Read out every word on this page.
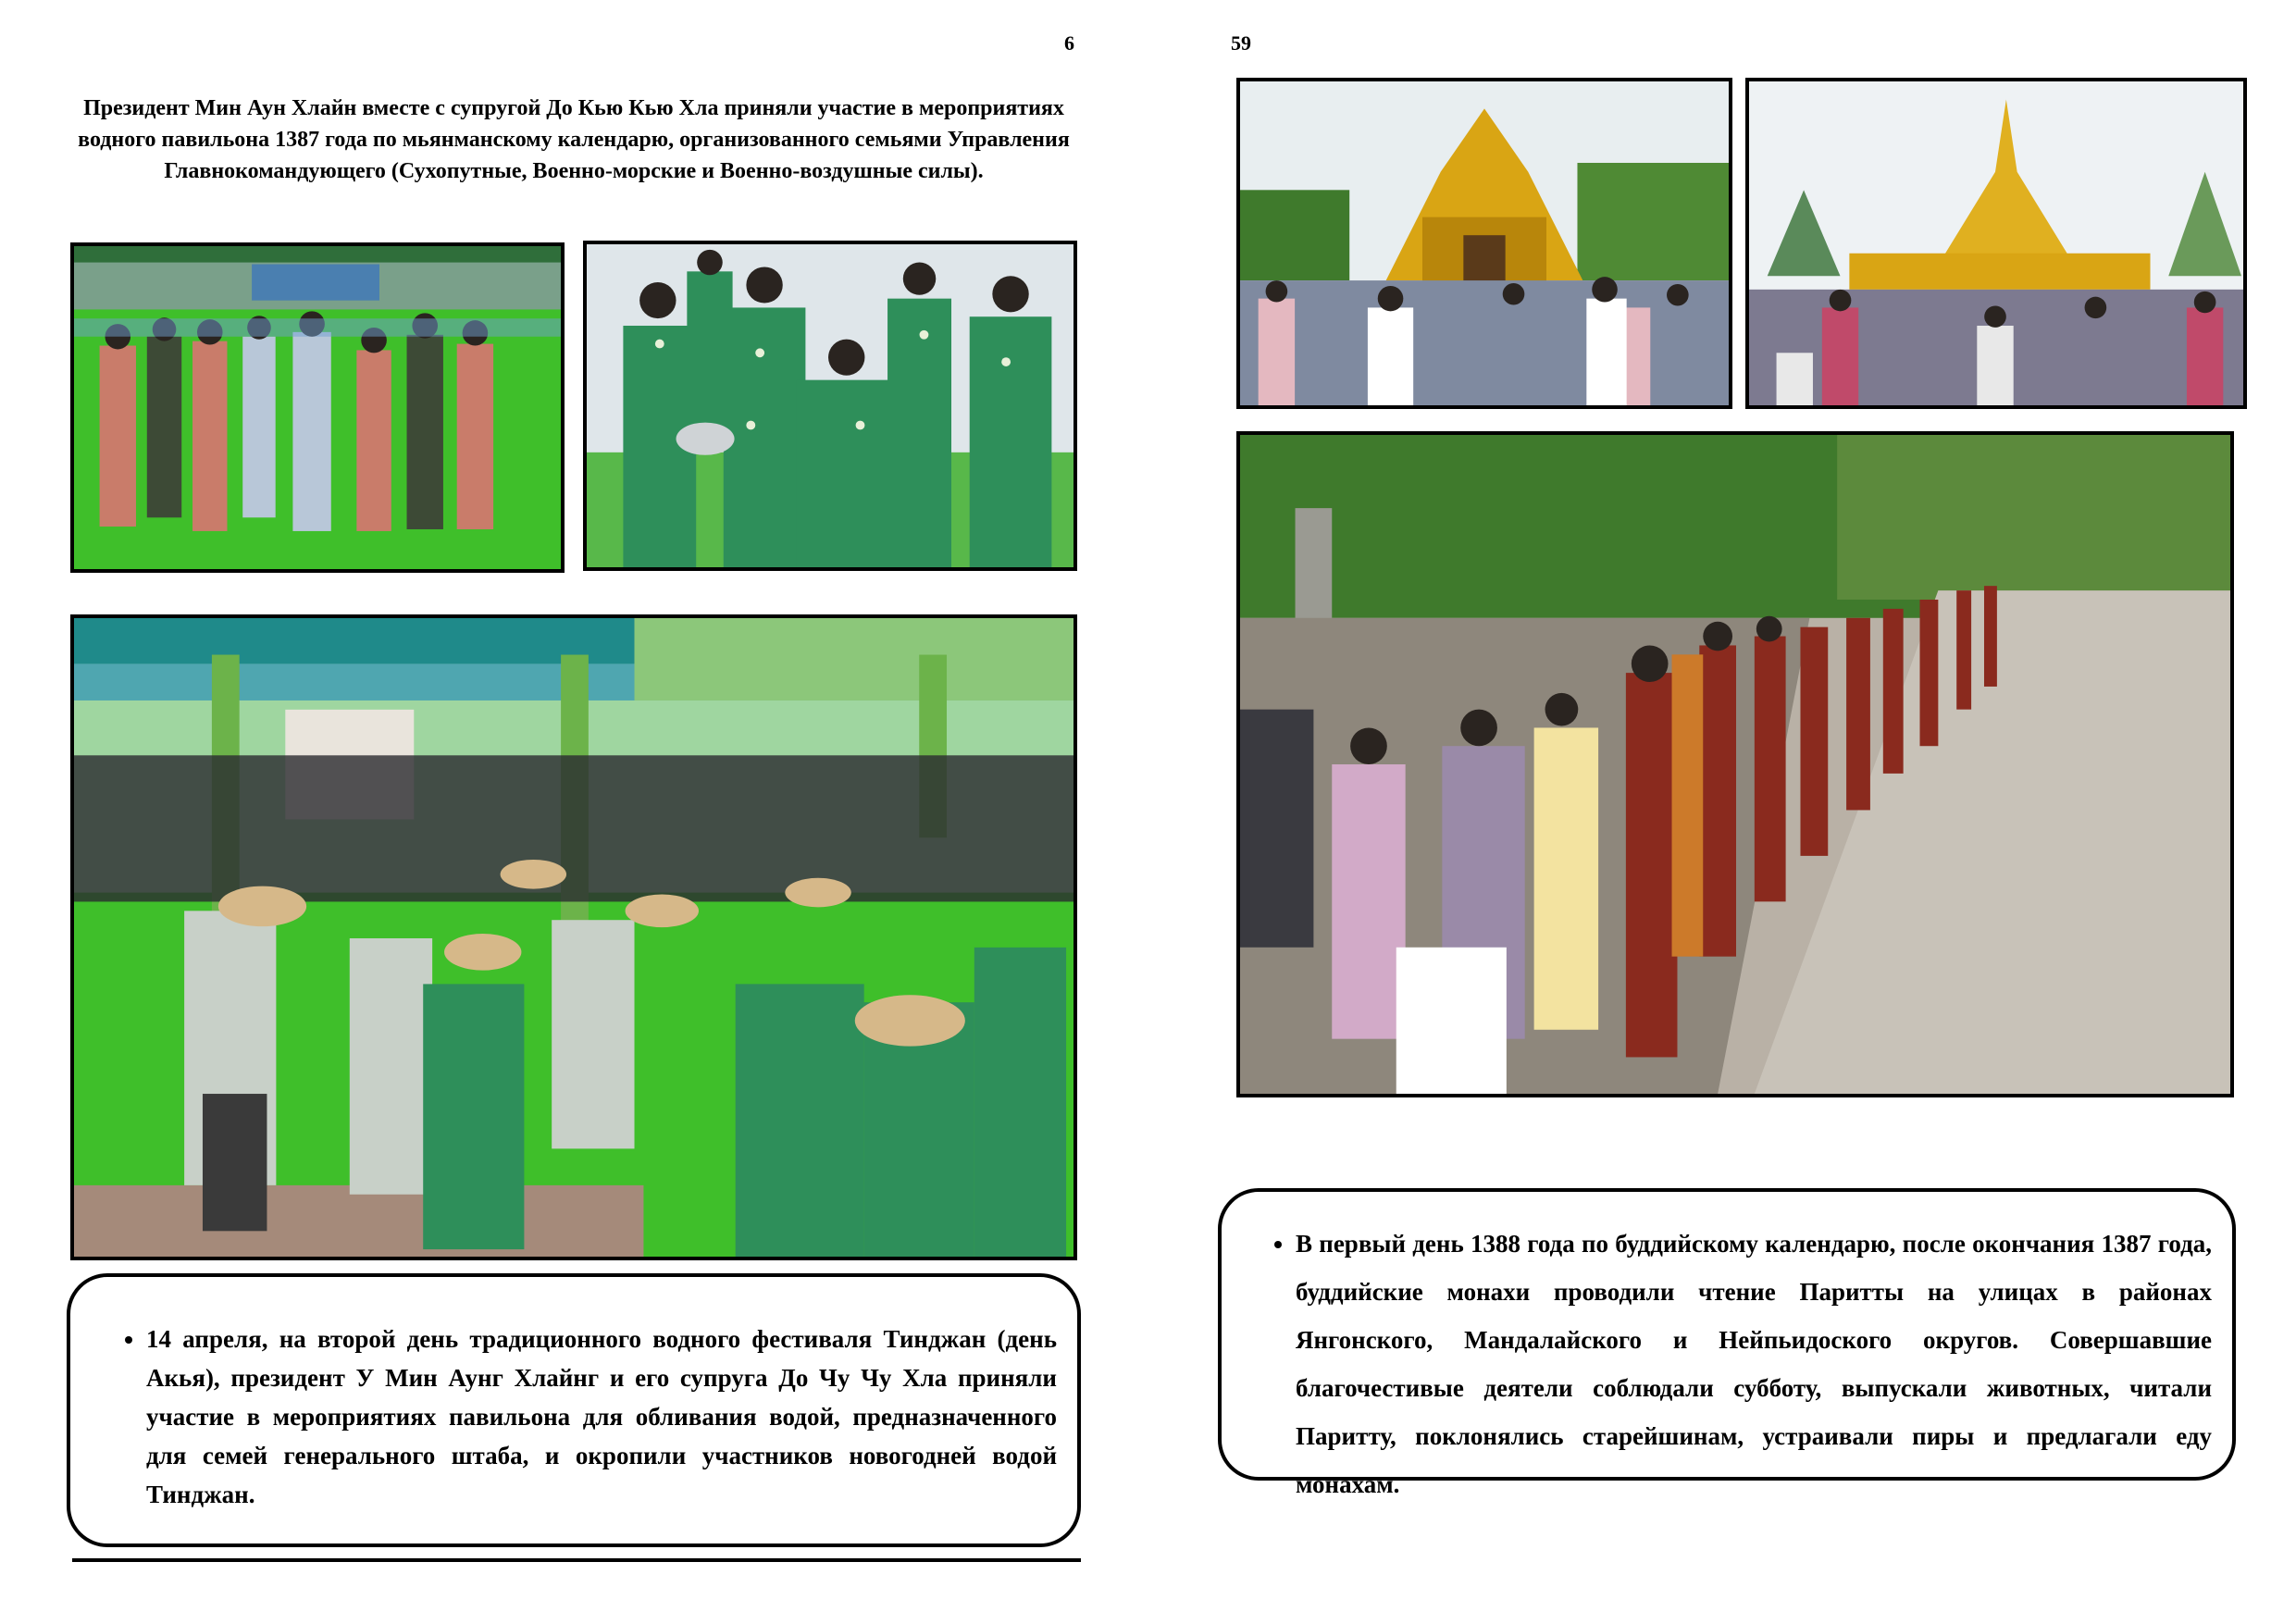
6
Президент Мин Аун Хлайн вместе с супругой До Кью Кью Хла приняли участие в мероприятиях водного павильона 1387 года по мьянманскому календарю, организованного семьями Управления Главнокомандующего (Сухопутные, Военно-морские и Военно-воздушные силы).
• 14 апреля, на второй день традиционного водного фестиваля Тинджан (день Акья), президент У Мин Аунг Хлайнг и его супруга До Чу Чу Хла приняли участие в мероприятиях павильона для обливания водой, предназначенного для семей генерального штаба, и окропили участников новогодней водой Тинджан.
59
• В первый день 1388 года по буддийскому календарю, после окончания 1387 года, буддийские монахи проводили чтение Паритты на улицах в районах Янгонского, Мандалайского и Нейпьидоского округов. Совершавшие благочестивые деятели соблюдали субботу, выпускали животных, читали Паритту, поклонялись старейшинам, устраивали пиры и предлагали еду монахам.
